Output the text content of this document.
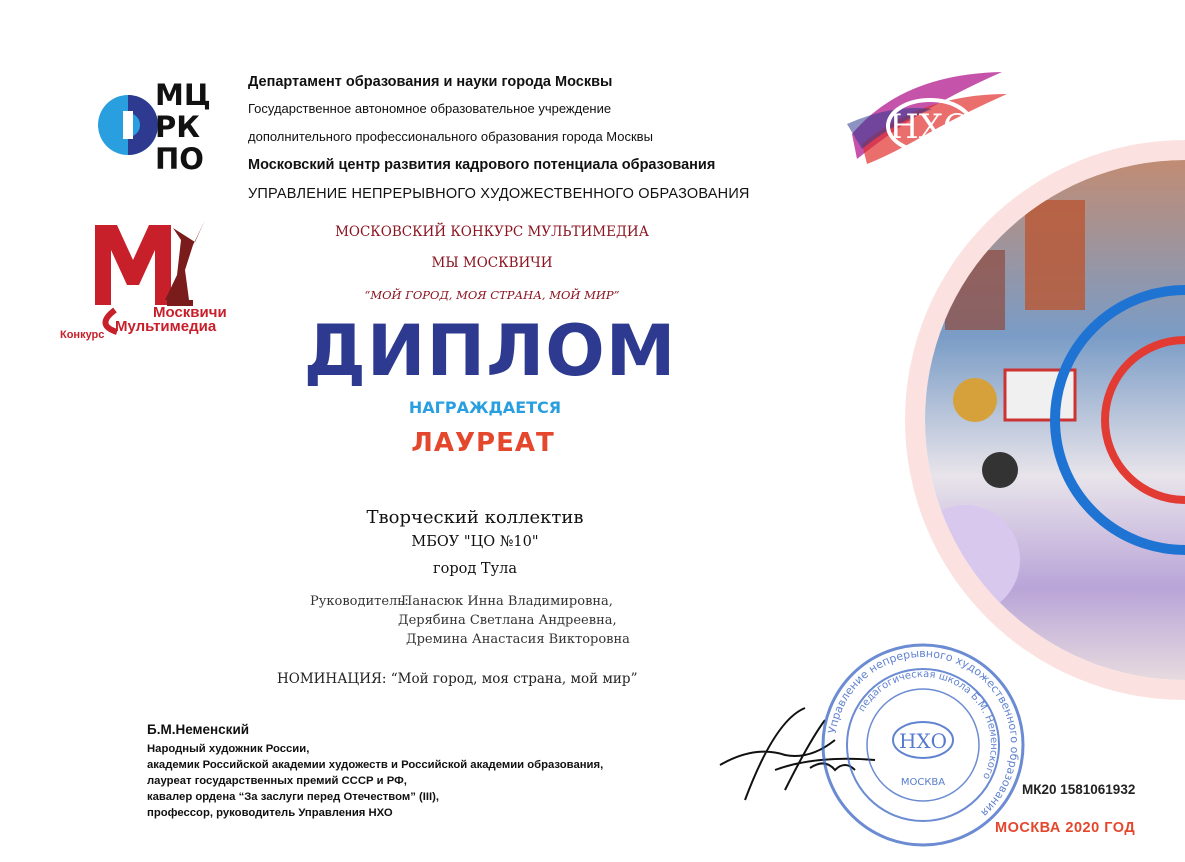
МЦ
РК
ПО
Департамент образования и науки города Москвы
Государственное автономное образовательное учреждение
дополнительного профессионального образования города Москвы
Московский центр развития кадрового потенциала образования
УПРАВЛЕНИЕ НЕПРЕРЫВНОГО ХУДОЖЕСТВЕННОГО ОБРАЗОВАНИЯ
НХО
Москвичи
Конкурс Мультимедиа
МОСКОВСКИЙ КОНКУРС МУЛЬТИМЕДИА
МЫ МОСКВИЧИ
“МОЙ ГОРОД, МОЯ СТРАНА, МОЙ МИР”
ДИПЛОМ
НАГРАЖДАЕТСЯ
ЛАУРЕАТ
Творческий коллектив
МБОУ "ЦО №10"
город Тула
Руководитель:
Панасюк Инна Владимировна,
Дерябина Светлана Андреевна,
Дремина Анастасия Викторовна
НОМИНАЦИЯ: “Мой город, моя страна, мой мир”
Б.М.Неменский
Народный художник России,
академик Российской академии художеств и Российской академии образования,
лауреат государственных премий СССР и РФ,
кавалер ордена “За заслуги перед Отечеством” (III),
профессор, руководитель Управления НХО
Управление непрерывного художественного образования
педагогическая школа Б.М. Неменского
НХО
МОСКВА	МК20 1581061932
МОСКВА 2020 ГОД
